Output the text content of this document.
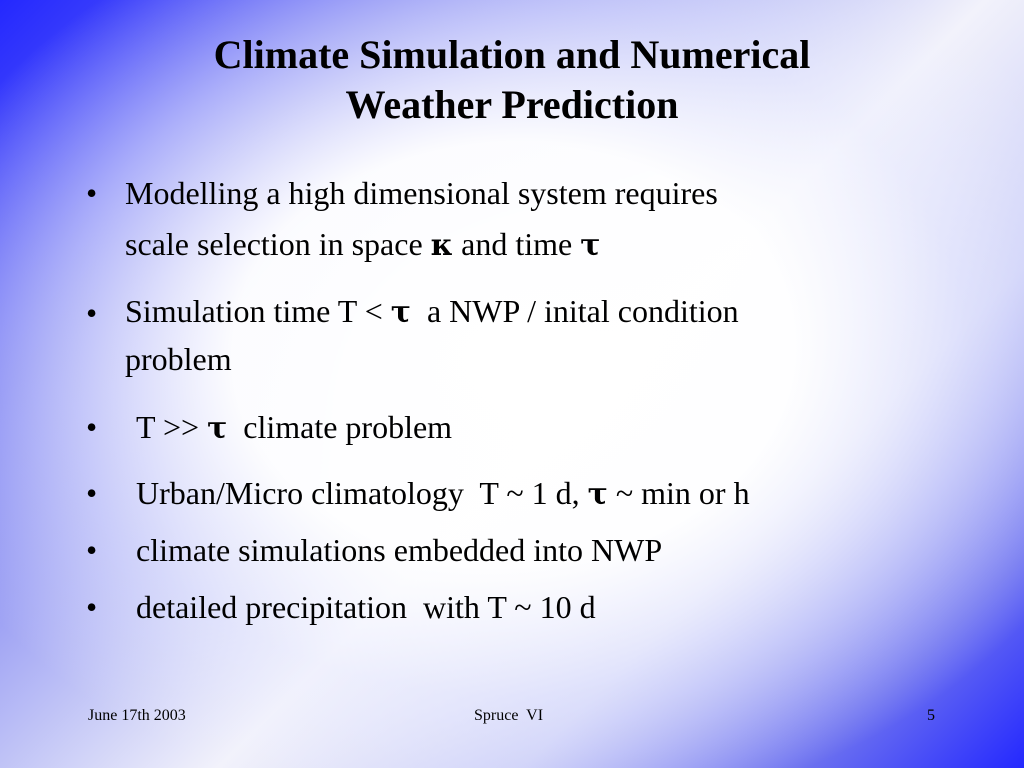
Climate Simulation and Numerical
Weather Prediction
• Modelling a high dimensional system requires
scale selection in space κ and time τ
• Simulation time T < τ  a NWP / inital condition
problem
• T >> τ  climate problem
• Urban/Micro climatology  T ~ 1 d, τ ~ min or h
• climate simulations embedded into NWP
• detailed precipitation  with T ~ 10 d
June 17th 2003	Spruce  VI	5
